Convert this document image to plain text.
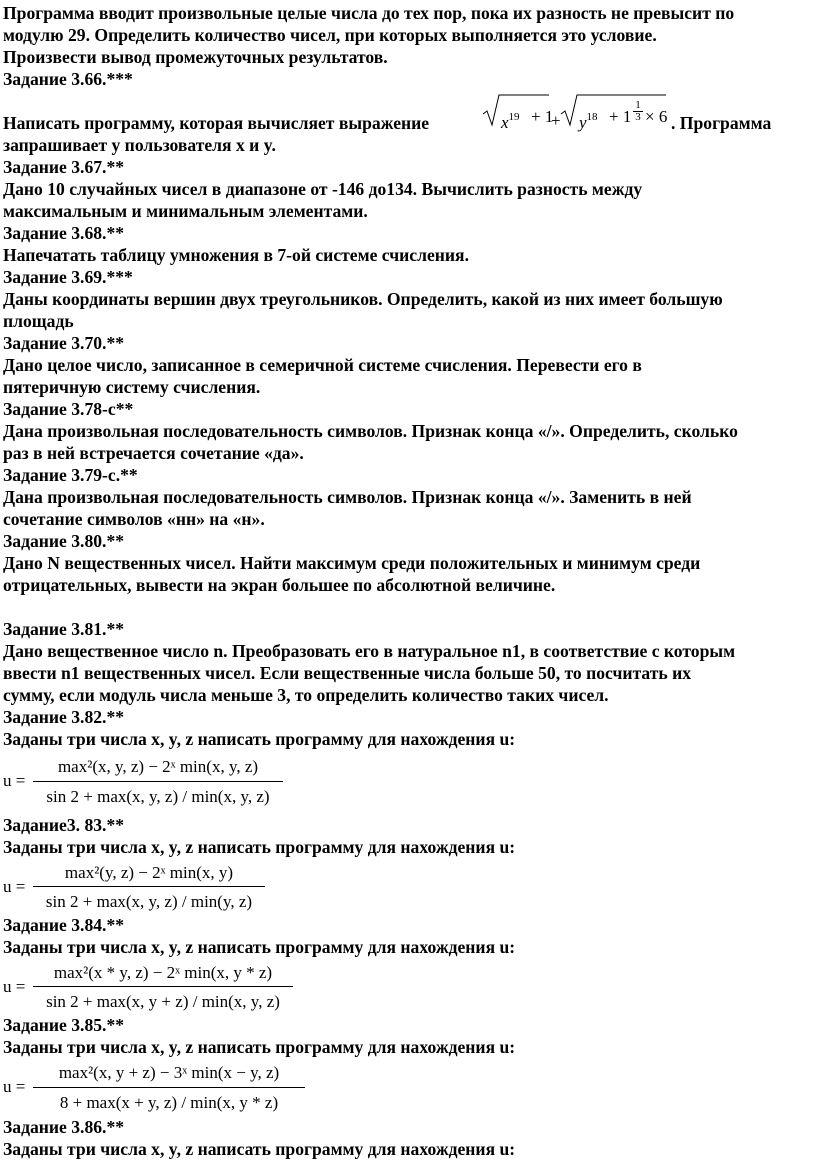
Программа вводит произвольные целые числа до тех пор, пока их разность не превысит по
модулю 29. Определить количество чисел, при которых выполняется это условие.
Произвести вывод промежуточных результатов.
Задание 3.66.***
Написать программу, которая вычисляет выражение	$x^{19} + 1$
+ $y^{18} + 1 \frac{1}{3} \times 6$ . Программа
запрашивает у пользователя x и y.
Задание 3.67.**
Дано 10 случайных чисел в диапазоне от -146 до134. Вычислить разность между
максимальным и минимальным элементами.
Задание 3.68.**
Напечатать таблицу умножения в 7-ой системе счисления.
Задание 3.69.***
Даны координаты вершин двух треугольников. Определить, какой из них имеет большую
площадь
Задание 3.70.**
Дано целое число, записанное в семеричной системе счисления. Перевести его в
пятеричную систему счисления.
Задание 3.78-с**
Дана произвольная последовательность символов. Признак конца «/». Определить, сколько
раз в ней встречается сочетание «да».
Задание 3.79-с.**
Дана произвольная последовательность символов. Признак конца «/». Заменить в ней
сочетание символов «нн» на «н».
Задание 3.80.**
Дано N вещественных чисел. Найти максимум среди положительных и минимум среди
отрицательных, вывести на экран большее по абсолютной величине.
Задание 3.81.**
Дано вещественное число n. Преобразовать его в натуральное n1, в соответствие с которым
ввести n1 вещественных чисел. Если вещественные числа больше 50, то посчитать их
сумму, если модуль числа меньше 3, то определить количество таких чисел.
Задание 3.82.**
Заданы три числа x, y, z написать программу для нахождения u:
u =
max²(x, y, z) − 2ˣ min(x, y, z)
sin 2 + max(x, y, z) / min(x, y, z)
Задание3. 83.**
Заданы три числа x, y, z написать программу для нахождения u:
u =
max²(y, z) − 2ˣ min(x, y)
sin 2 + max(x, y, z) / min(y, z)
Задание 3.84.**
Заданы три числа x, y, z написать программу для нахождения u:
u =
max²(x * y, z) − 2ˣ min(x, y * z)
sin 2 + max(x, y + z) / min(x, y, z)
Задание 3.85.**
Заданы три числа x, y, z написать программу для нахождения u:
u =
max²(x, y + z) − 3ˣ min(x − y, z)
8 + max(x + y, z) / min(x, y * z)
Задание 3.86.**
Заданы три числа x, y, z написать программу для нахождения u:
